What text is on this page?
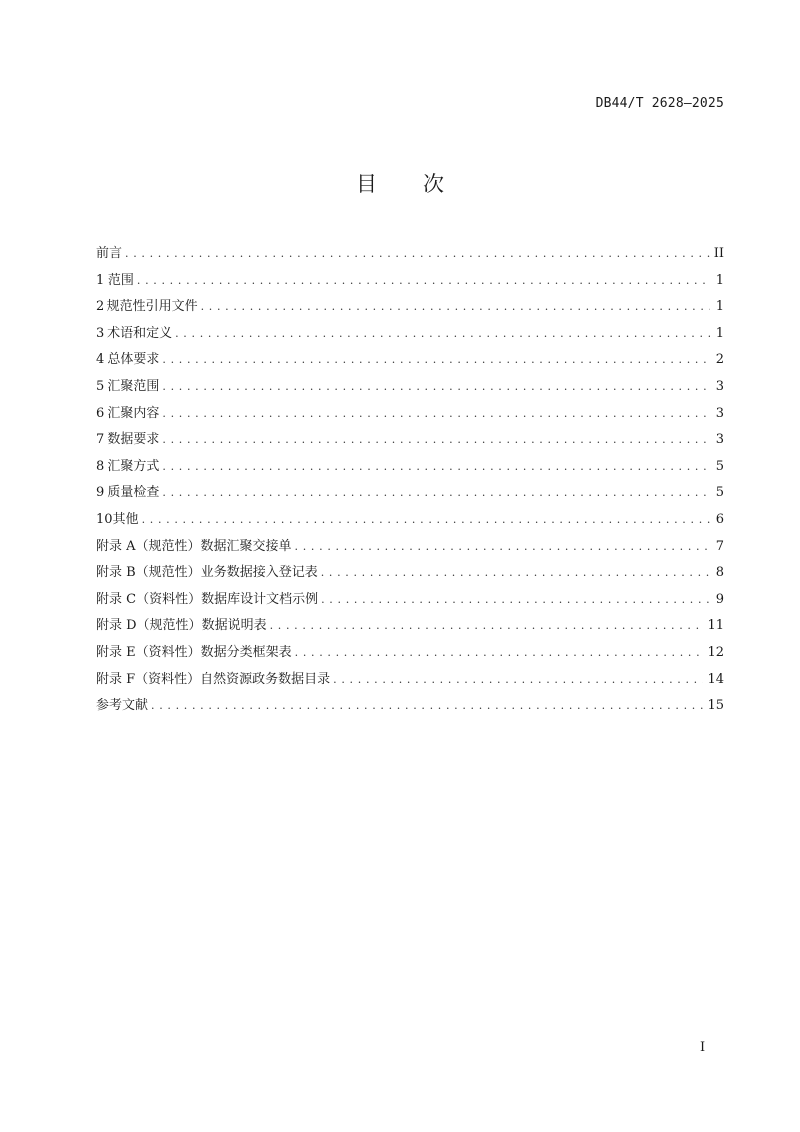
DB44/T 2628—2025
目 次
前言 . . .	II
1 范围 . . .	1
2 规范性引用文件 . . .	1
3 术语和定义 . . .	1
4 总体要求 . . .	2
5 汇聚范围 . . .	3
6 汇聚内容 . . .	3
7 数据要求 . . .	3
8 汇聚方式 . . .	5
9 质量检查 . . .	5
10 其他 . . .	6
附录 A（规范性） 数据汇聚交接单 . . .	7
附录 B（规范性） 业务数据接入登记表 . . .	8
附录 C（资料性） 数据库设计文档示例 . . .	9
附录 D（规范性） 数据说明表 . . .	11
附录 E（资料性） 数据分类框架表 . . .	12
附录 F（资料性） 自然资源政务数据目录 . . .	14
参考文献 . . .	15
I
